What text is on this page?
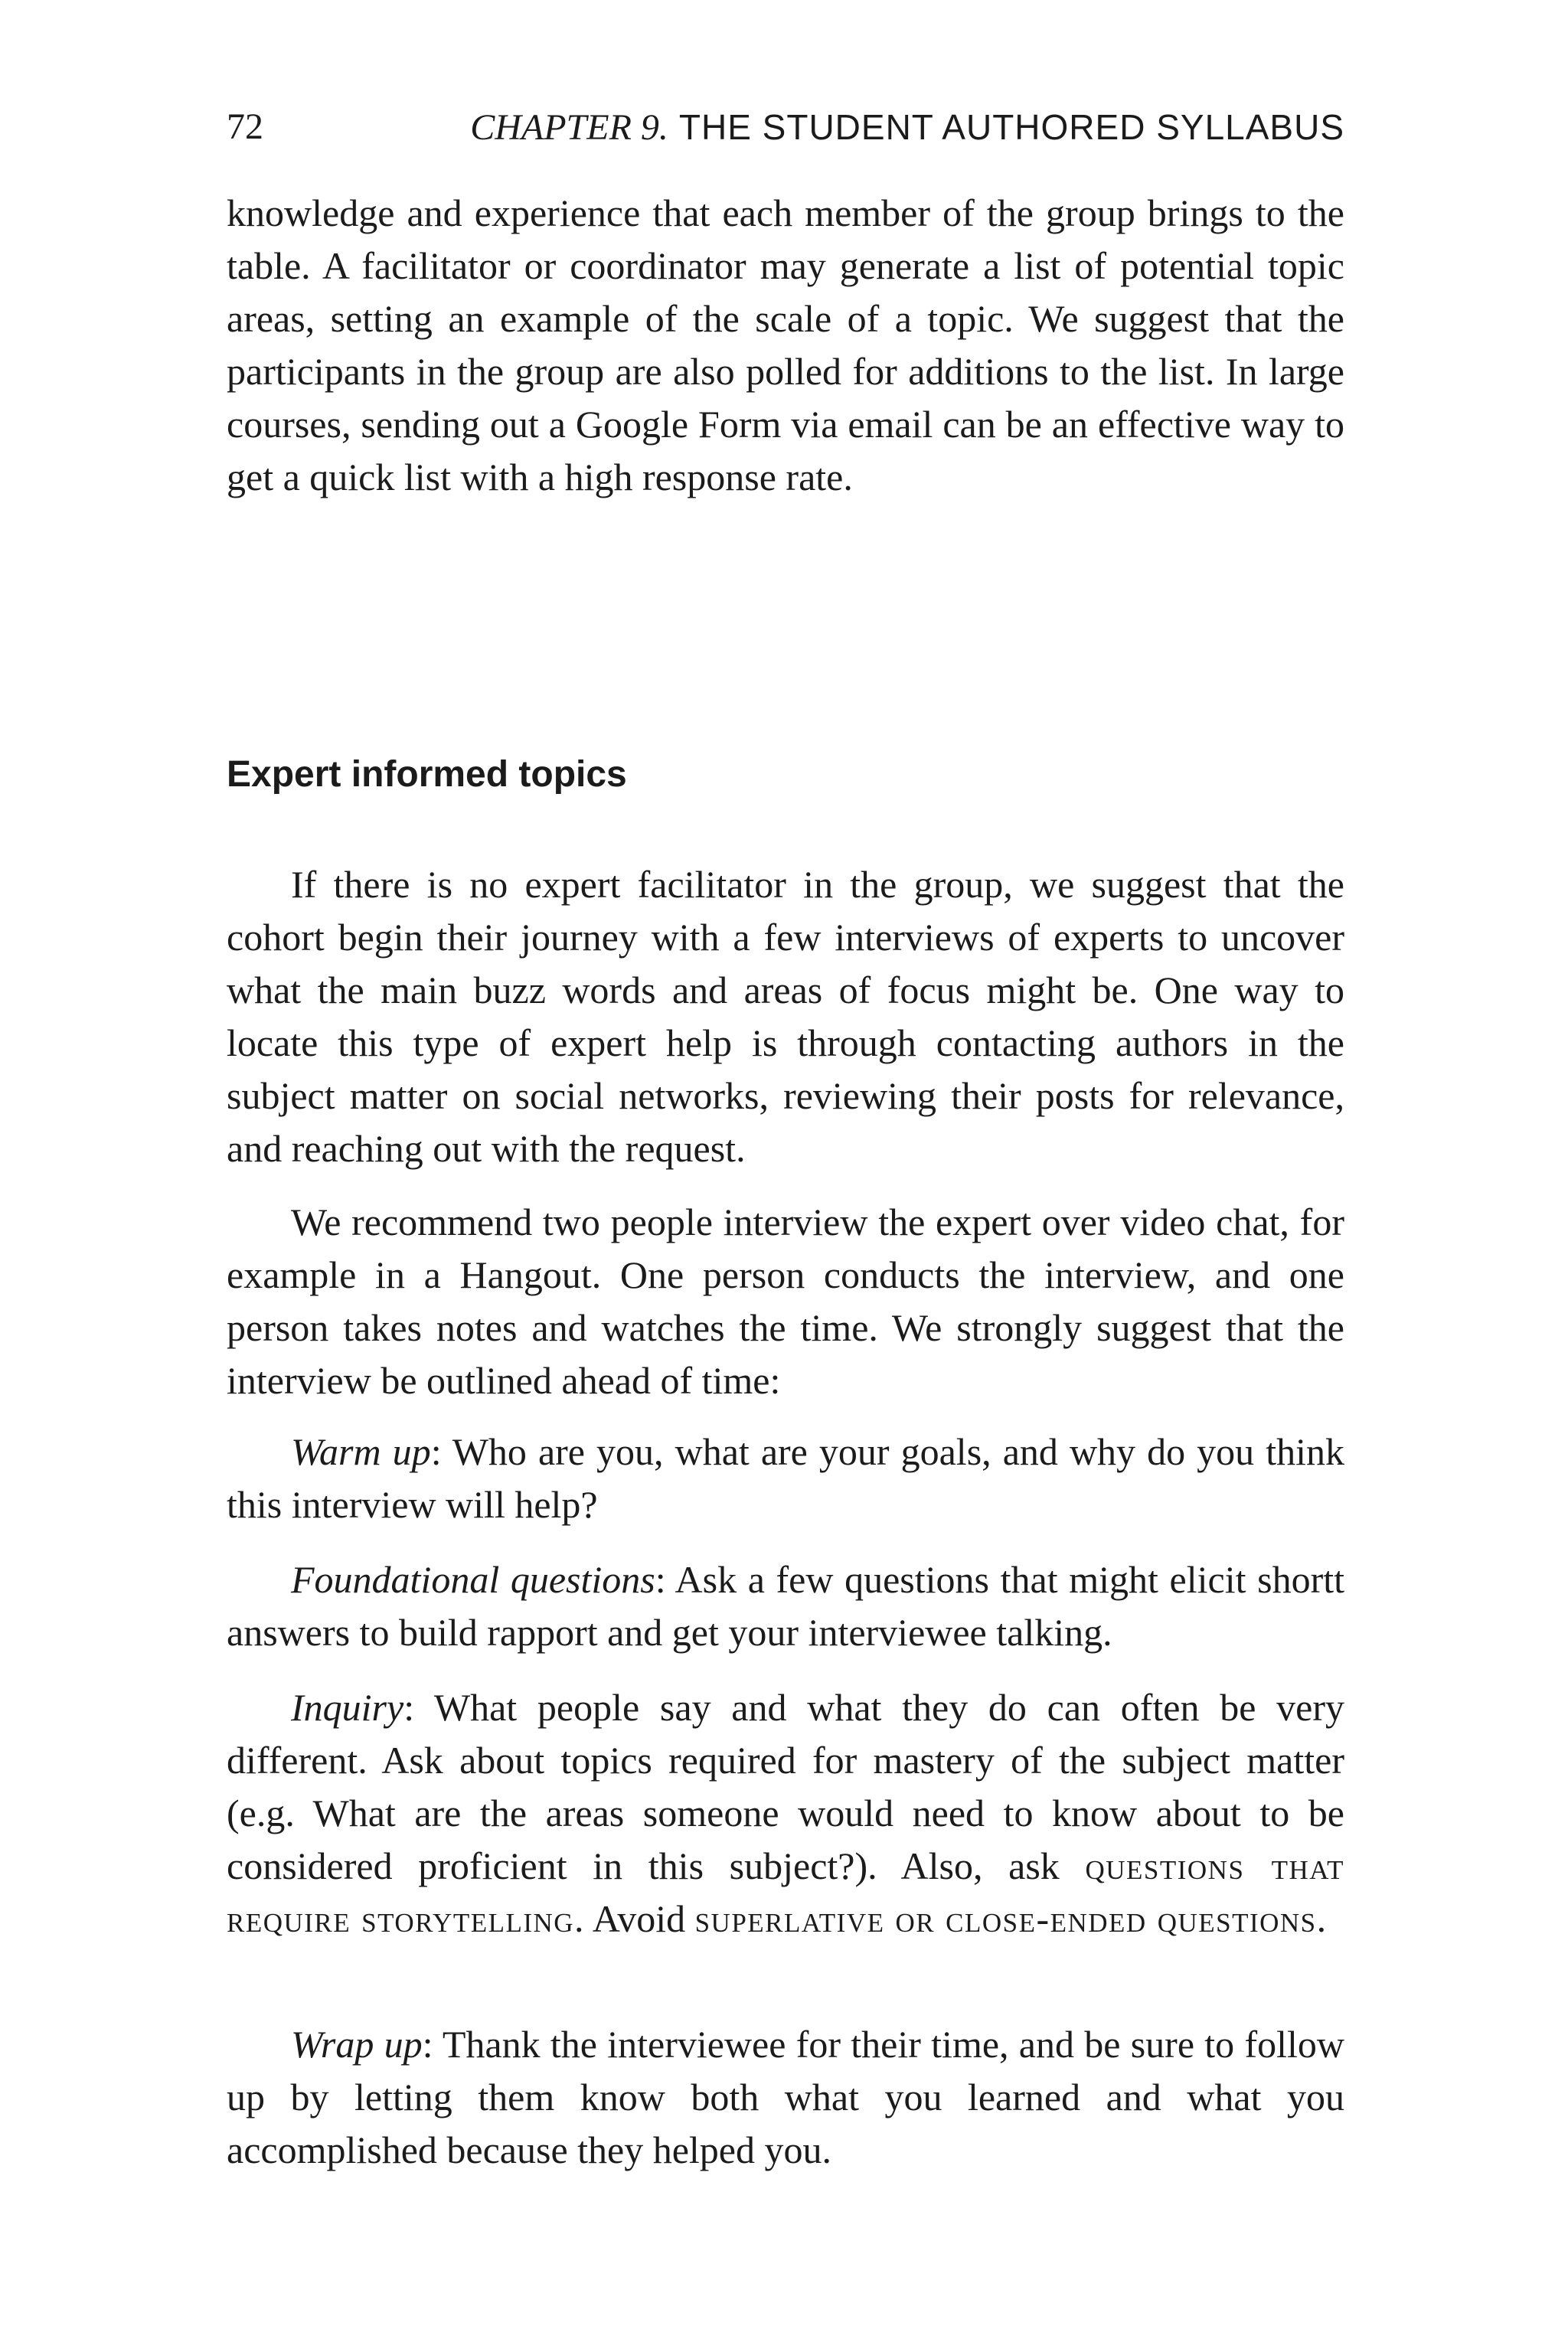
72	CHAPTER 9. THE STUDENT AUTHORED SYLLABUS

knowledge and experience that each member of the group brings to the table. A facilitator or coordinator may generate a list of potential topic areas, setting an example of the scale of a topic. We suggest that the participants in the group are also polled for additions to the list. In large courses, sending out a Google Form via email can be an effective way to get a quick list with a high response rate.

Expert informed topics

If there is no expert facilitator in the group, we suggest that the cohort begin their journey with a few interviews of experts to uncover what the main buzz words and areas of focus might be. One way to locate this type of expert help is through contacting authors in the subject matter on social networks, reviewing their posts for relevance, and reaching out with the request.

We recommend two people interview the expert over video chat, for example in a Hangout. One person conducts the interview, and one person takes notes and watches the time. We strongly suggest that the interview be outlined ahead of time:

Warm up: Who are you, what are your goals, and why do you think this interview will help?

Foundational questions: Ask a few questions that might elicit shortt answers to build rapport and get your interviewee talking.

Inquiry: What people say and what they do can often be very different. Ask about topics required for mastery of the subject matter (e.g. What are the areas someone would need to know about to be considered proficient in this subject?). Also, ask questions that require storytelling. Avoid superlative or close-ended questions.

Wrap up: Thank the interviewee for their time, and be sure to follow up by letting them know both what you learned and what you accomplished because they helped you.
